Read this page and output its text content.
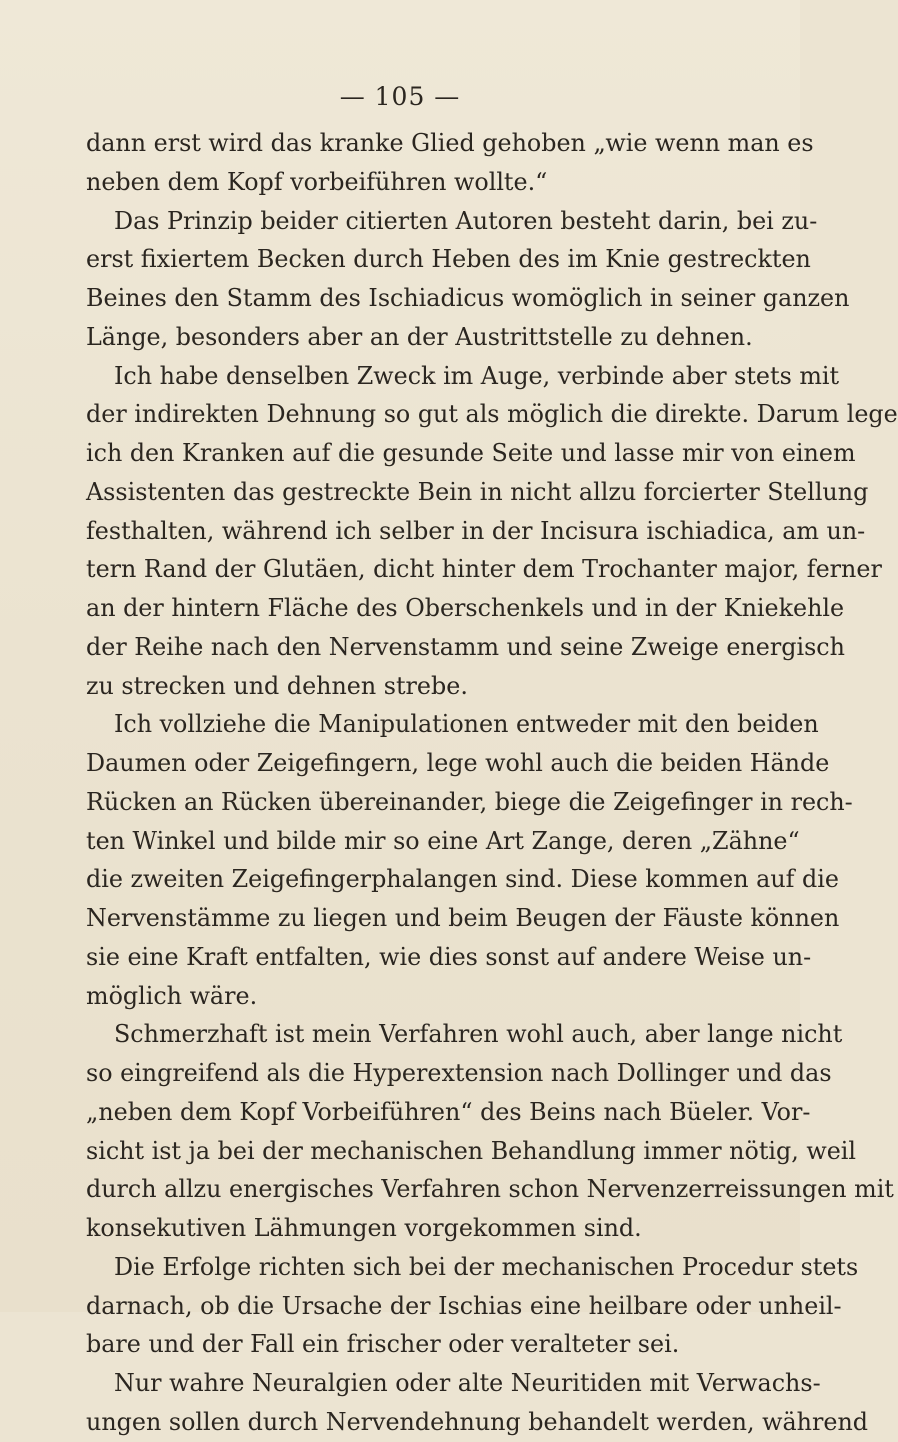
— 105 —
dann erst wird das kranke Glied gehoben „wie wenn man es
neben dem Kopf vorbeiführen wollte.“
Das Prinzip beider citierten Autoren besteht darin, bei zu-
erst fixiertem Becken durch Heben des im Knie gestreckten
Beines den Stamm des Ischiadicus womöglich in seiner ganzen
Länge, besonders aber an der Austrittstelle zu dehnen.
Ich habe denselben Zweck im Auge, verbinde aber stets mit
der indirekten Dehnung so gut als möglich die direkte. Darum lege
ich den Kranken auf die gesunde Seite und lasse mir von einem
Assistenten das gestreckte Bein in nicht allzu forcierter Stellung
festhalten, während ich selber in der Incisura ischiadica, am un-
tern Rand der Glutäen, dicht hinter dem Trochanter major, ferner
an der hintern Fläche des Oberschenkels und in der Kniekehle
der Reihe nach den Nervenstamm und seine Zweige energisch
zu strecken und dehnen strebe.
Ich vollziehe die Manipulationen entweder mit den beiden
Daumen oder Zeigefingern, lege wohl auch die beiden Hände
Rücken an Rücken übereinander, biege die Zeigefinger in rech-
ten Winkel und bilde mir so eine Art Zange, deren „Zähne“
die zweiten Zeigefingerphalangen sind. Diese kommen auf die
Nervenstämme zu liegen und beim Beugen der Fäuste können
sie eine Kraft entfalten, wie dies sonst auf andere Weise un-
möglich wäre.
Schmerzhaft ist mein Verfahren wohl auch, aber lange nicht
so eingreifend als die Hyperextension nach Dollinger und das
„neben dem Kopf Vorbeiführen“ des Beins nach Büeler. Vor-
sicht ist ja bei der mechanischen Behandlung immer nötig, weil
durch allzu energisches Verfahren schon Nervenzerreissungen mit
konsekutiven Lähmungen vorgekommen sind.
Die Erfolge richten sich bei der mechanischen Procedur stets
darnach, ob die Ursache der Ischias eine heilbare oder unheil-
bare und der Fall ein frischer oder veralteter sei.
Nur wahre Neuralgien oder alte Neuritiden mit Verwachs-
ungen sollen durch Nervendehnung behandelt werden, während
